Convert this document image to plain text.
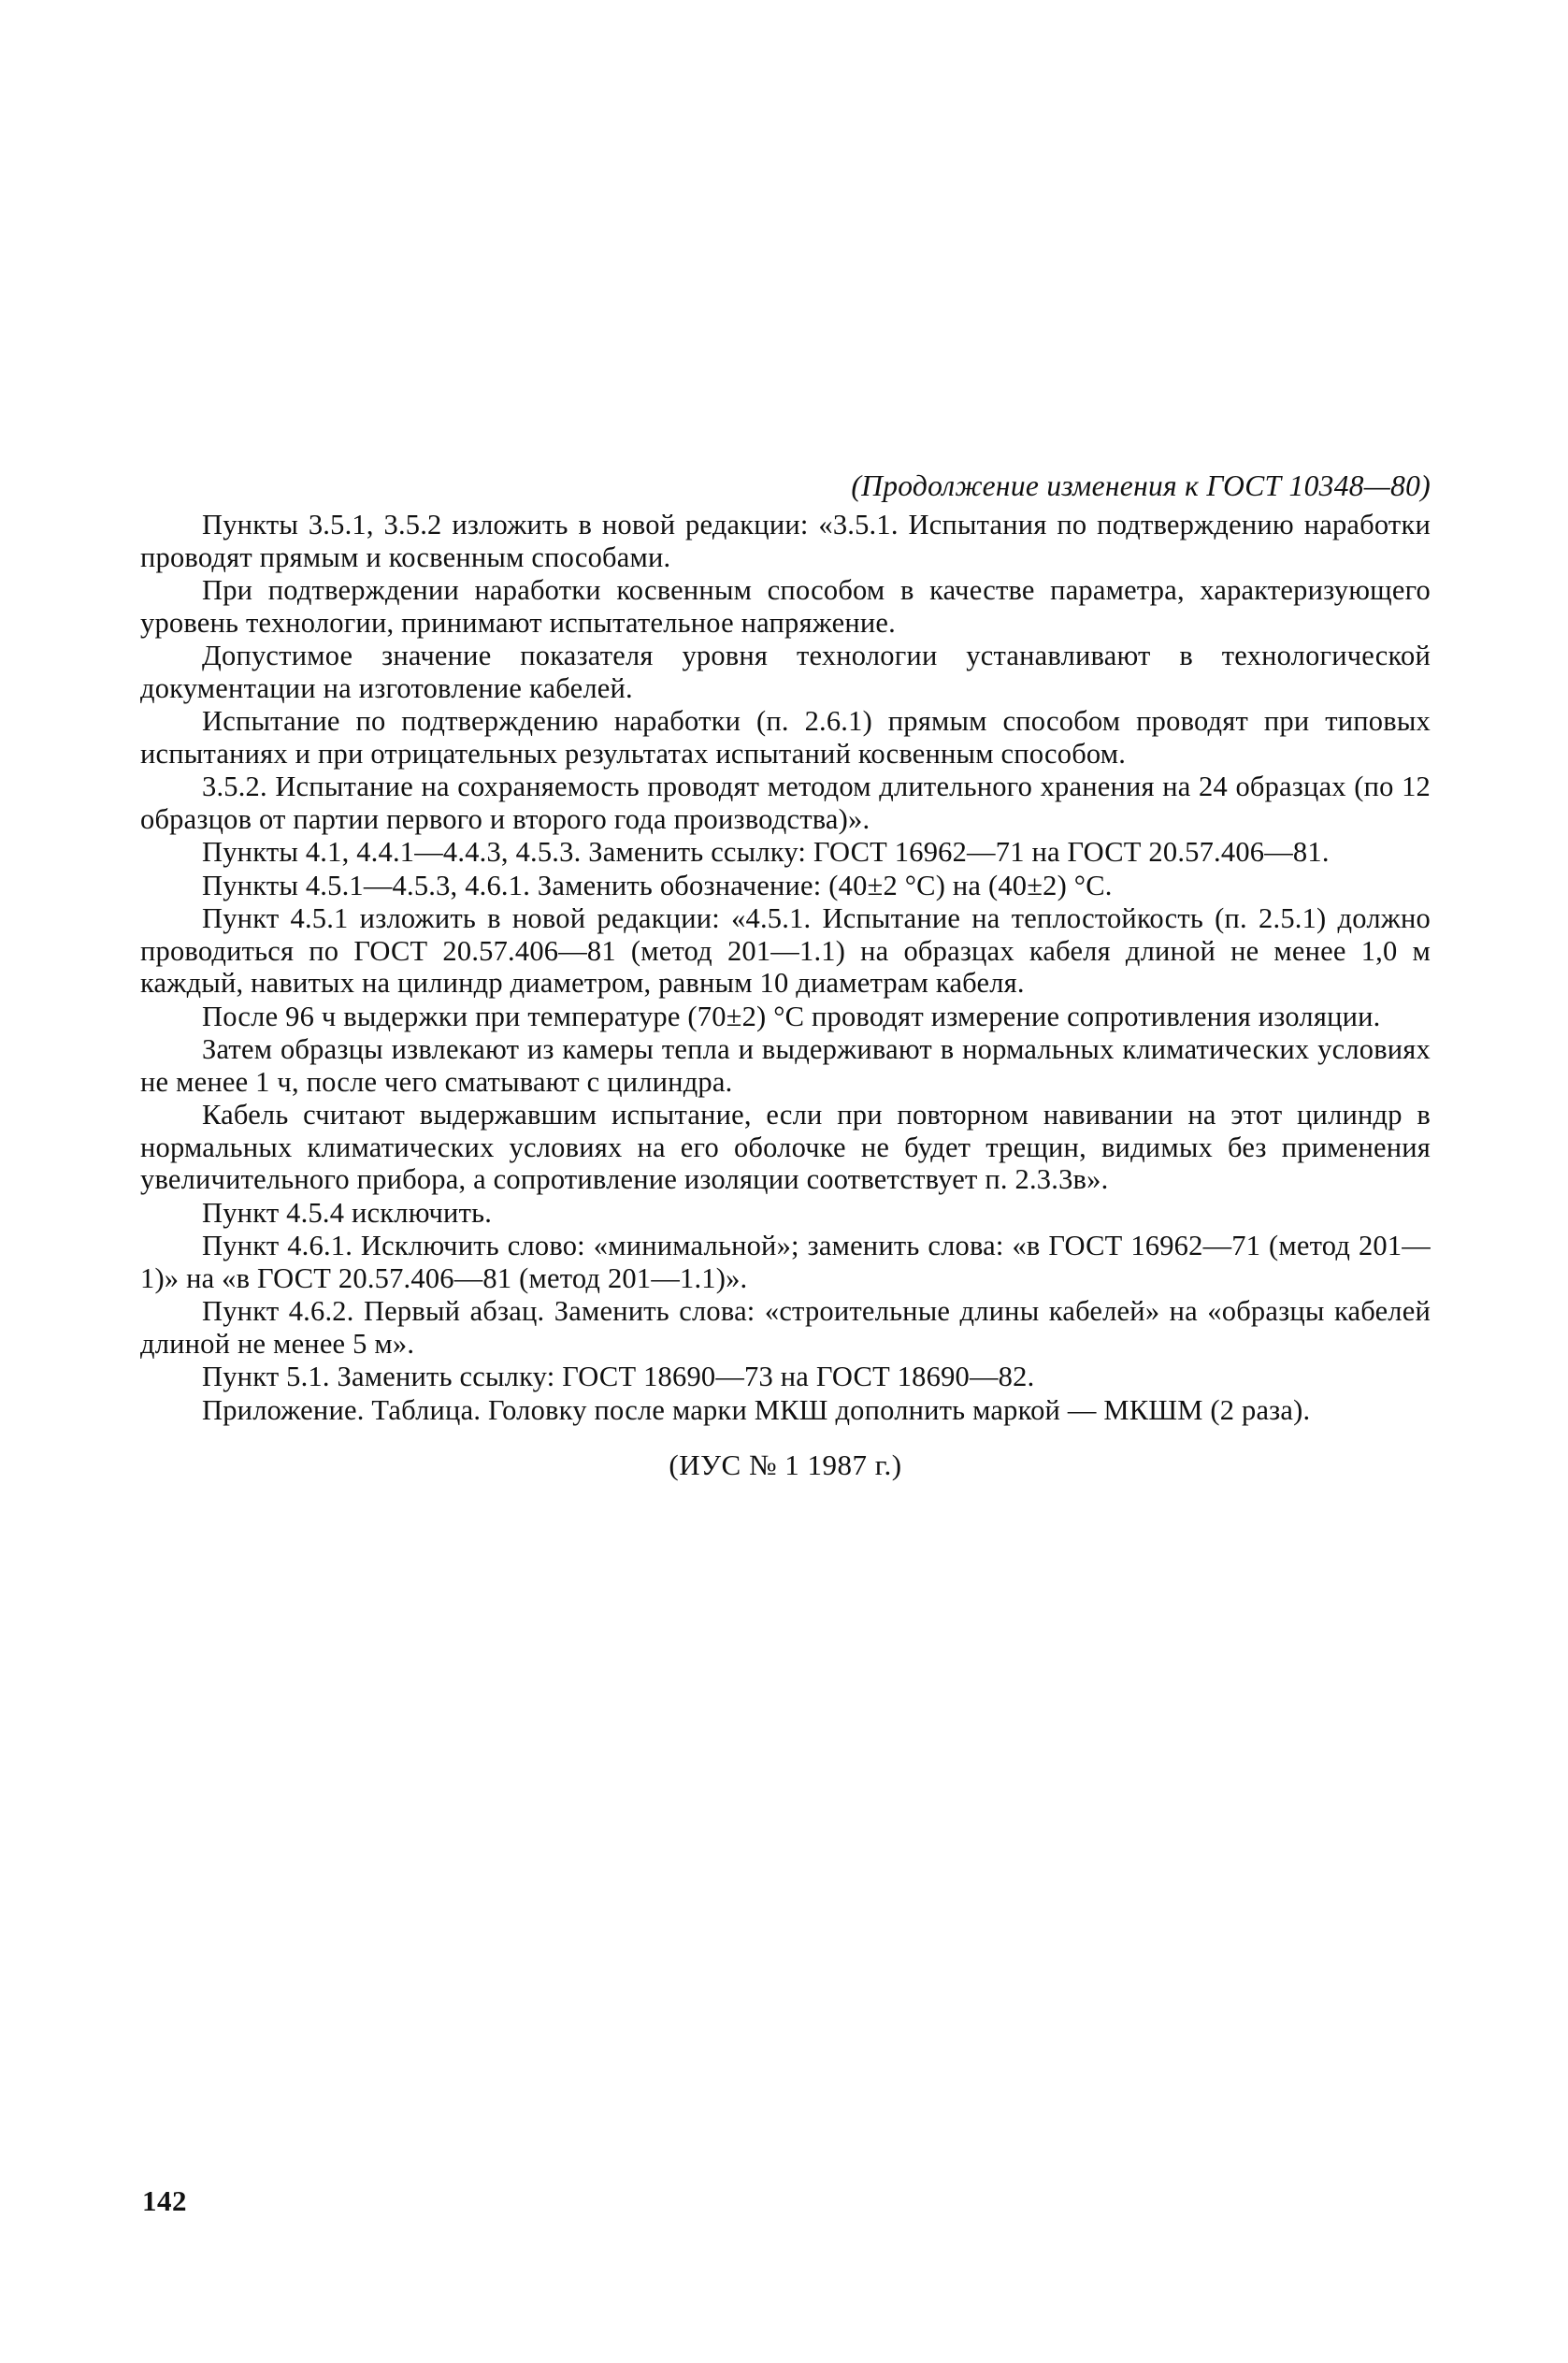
(Продолжение изменения к ГОСТ 10348—80)

Пункты 3.5.1, 3.5.2 изложить в новой редакции: «3.5.1. Испытания по подтверждению наработки проводят прямым и косвенным способами.

При подтверждении наработки косвенным способом в качестве параметра, характеризующего уровень технологии, принимают испытательное напряжение.

Допустимое значение показателя уровня технологии устанавливают в технологической документации на изготовление кабелей.

Испытание по подтверждению наработки (п. 2.6.1) прямым способом проводят при типовых испытаниях и при отрицательных результатах испытаний косвенным способом.

3.5.2. Испытание на сохраняемость проводят методом длительного хранения на 24 образцах (по 12 образцов от партии первого и второго года производства)».

Пункты 4.1, 4.4.1—4.4.3, 4.5.3. Заменить ссылку: ГОСТ 16962—71 на ГОСТ 20.57.406—81.

Пункты 4.5.1—4.5.3, 4.6.1. Заменить обозначение: (40±2 °С) на (40±2) °С.

Пункт 4.5.1 изложить в новой редакции: «4.5.1. Испытание на теплостойкость (п. 2.5.1) должно проводиться по ГОСТ 20.57.406—81 (метод 201—1.1) на образцах кабеля длиной не менее 1,0 м каждый, навитых на цилиндр диаметром, равным 10 диаметрам кабеля.

После 96 ч выдержки при температуре (70±2) °С проводят измерение сопротивления изоляции.

Затем образцы извлекают из камеры тепла и выдерживают в нормальных климатических условиях не менее 1 ч, после чего сматывают с цилиндра.

Кабель считают выдержавшим испытание, если при повторном навивании на этот цилиндр в нормальных климатических условиях на его оболочке не будет трещин, видимых без применения увеличительного прибора, а сопротивление изоляции соответствует п. 2.3.3в».

Пункт 4.5.4 исключить.

Пункт 4.6.1. Исключить слово: «минимальной»; заменить слова: «в ГОСТ 16962—71 (метод 201—1)» на «в ГОСТ 20.57.406—81 (метод 201—1.1)».

Пункт 4.6.2. Первый абзац. Заменить слова: «строительные длины кабелей» на «образцы кабелей длиной не менее 5 м».

Пункт 5.1. Заменить ссылку: ГОСТ 18690—73 на ГОСТ 18690—82.

Приложение. Таблица. Головку после марки МКШ дополнить маркой — МКШМ (2 раза).

(ИУС № 1 1987 г.)
142
